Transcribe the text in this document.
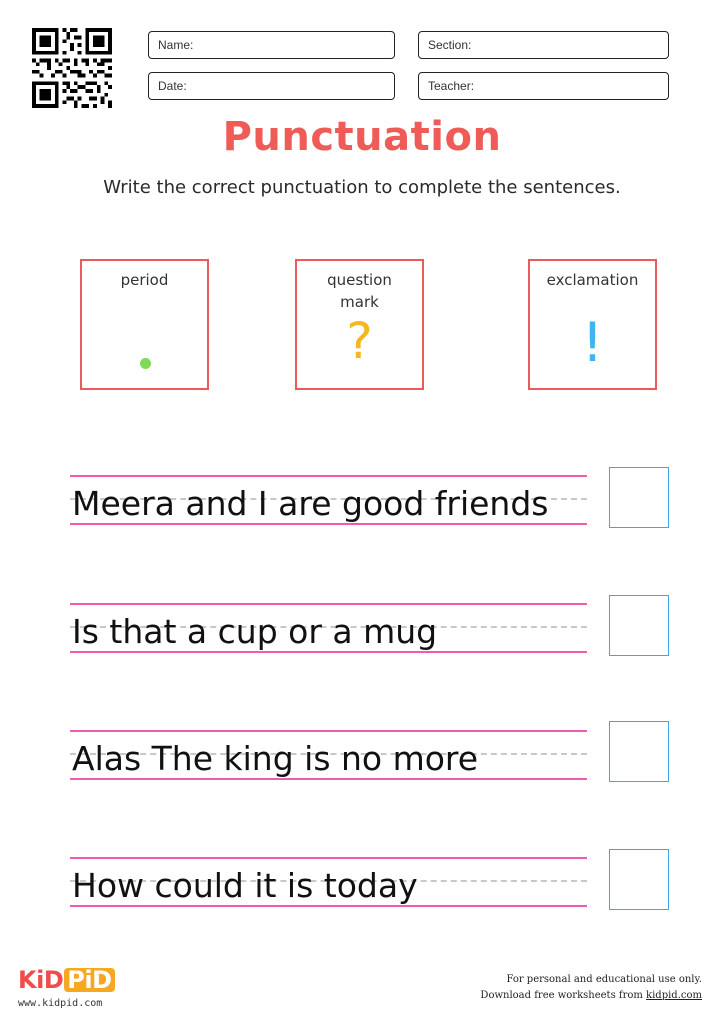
Name:	Section:
Date:	Teacher:
Punctuation
Write the correct punctuation to complete the sentences.
period	question
mark
?
exclamation
!
Meera and I are good friends
Is that a cup or a mug
Alas The king is no more
How could it is today
KiD PiD
www.kidpid.com
For personal and educational use only.
Download free worksheets from kidpid.com
